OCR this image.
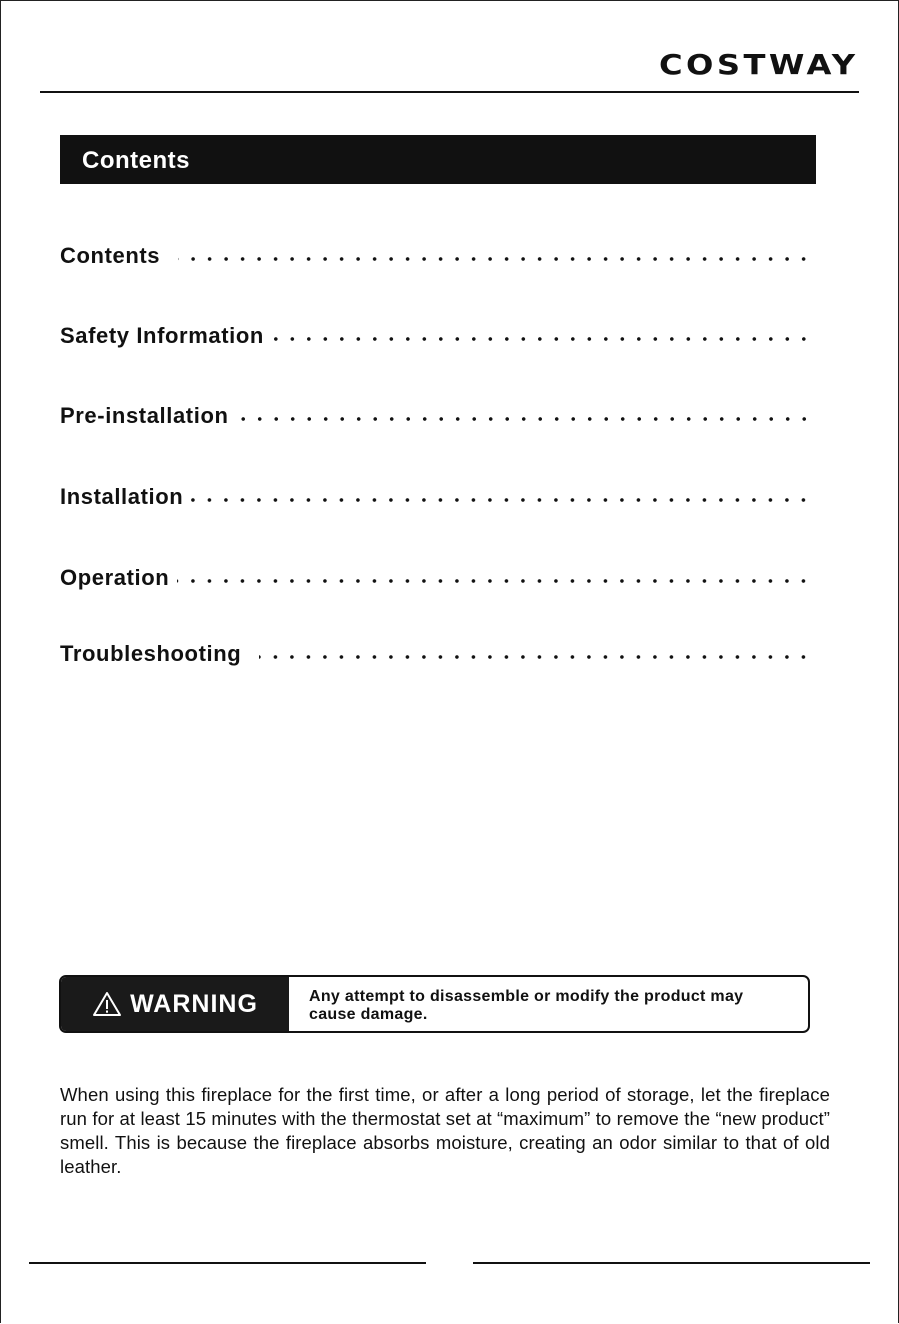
COSTWAY
Contents
Contents
Safety Information
Pre-installation
Installation
Operation
Troubleshooting
WARNING	Any attempt to disassemble or modify the product may cause damage.
When using this fireplace for the first time, or after a long period of storage, let the fireplace run for at least 15 minutes with the thermostat set at “maximum” to remove the “new product” smell. This is because the fireplace absorbs moisture, creating an odor similar to that of old leather.
